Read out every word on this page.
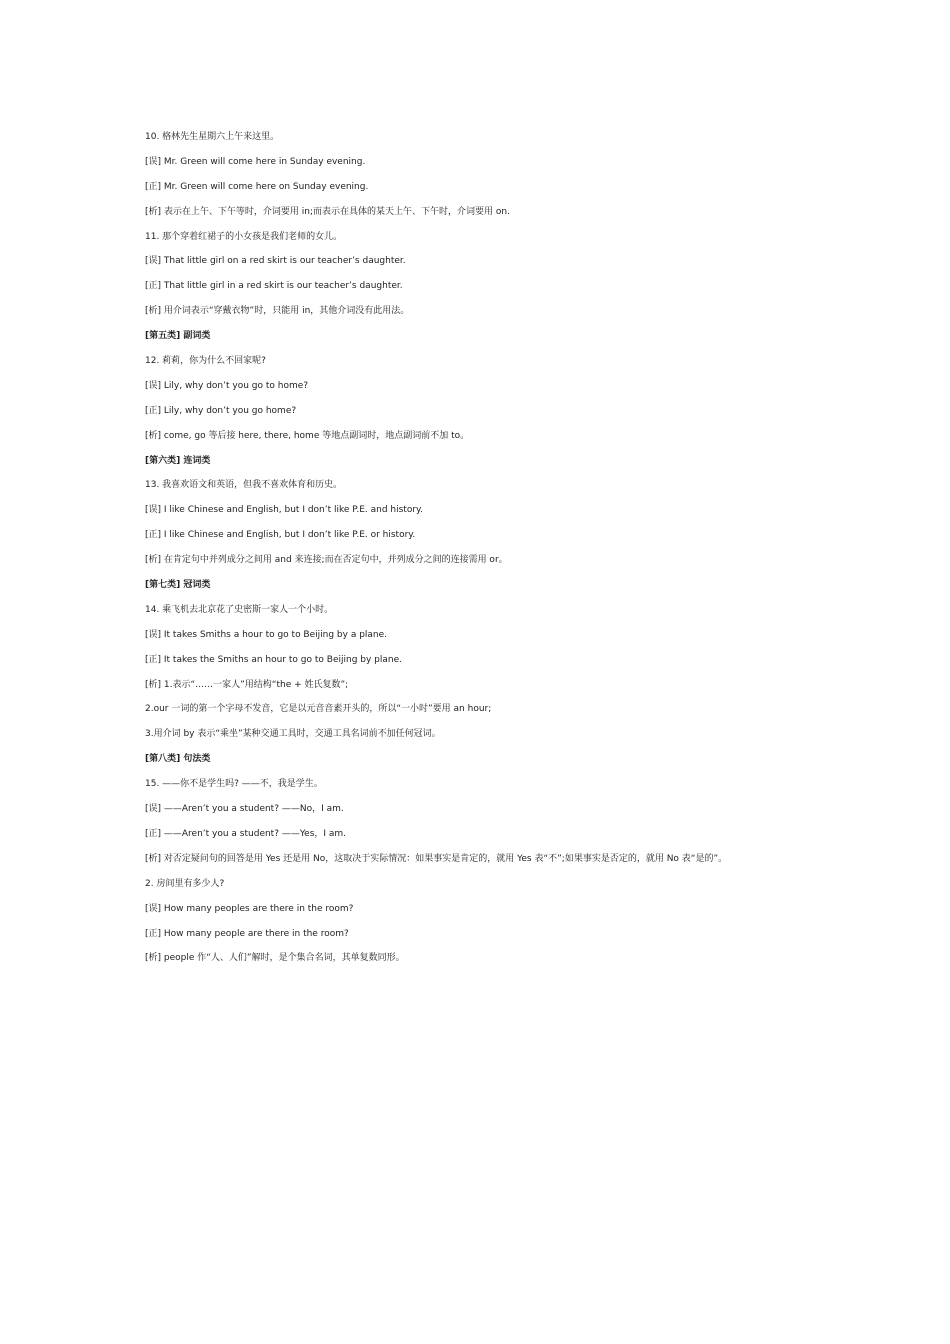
10. 格林先生星期六上午来这里。
[误] Mr. Green will come here in Sunday evening.
[正] Mr. Green will come here on Sunday evening.
[析] 表示在上午、下午等时，介词要用 in;而表示在具体的某天上午、下午时，介词要用 on.
11. 那个穿着红裙子的小女孩是我们老师的女儿。
[误] That little girl on a red skirt is our teacher’s daughter.
[正] That little girl in a red skirt is our teacher’s daughter.
[析] 用介词表示“穿戴衣物”时，只能用 in，其他介词没有此用法。
[第五类] 副词类
12. 莉莉，你为什么不回家呢?
[误] Lily, why don’t you go to home?
[正] Lily, why don’t you go home?
[析] come, go 等后接 here, there, home 等地点副词时，地点副词前不加 to。
[第六类] 连词类
13. 我喜欢语文和英语，但我不喜欢体育和历史。
[误] I like Chinese and English, but I don’t like P.E. and history.
[正] I like Chinese and English, but I don’t like P.E. or history.
[析] 在肯定句中并列成分之间用 and 来连接;而在否定句中，并列成分之间的连接需用 or。
[第七类] 冠词类
14. 乘飞机去北京花了史密斯一家人一个小时。
[误] It takes Smiths a hour to go to Beijing by a plane.
[正] It takes the Smiths an hour to go to Beijing by plane.
[析] 1.表示“……一家人”用结构“the + 姓氏复数”;
2.our 一词的第一个字母不发音，它是以元音音素开头的，所以“一小时”要用 an hour;
3.用介词 by 表示“乘坐”某种交通工具时，交通工具名词前不加任何冠词。
[第八类] 句法类
15. ——你不是学生吗? ——不，我是学生。
[误] ——Aren’t you a student? ——No，I am.
[正] ——Aren’t you a student? ——Yes，I am.
[析] 对否定疑问句的回答是用 Yes 还是用 No，这取决于实际情况：如果事实是肯定的，就用 Yes 表“不”;如果事实是否定的，就用 No 表“是的”。
2. 房间里有多少人?
[误] How many peoples are there in the room?
[正] How many people are there in the room?
[析] people 作“人、人们”解时，是个集合名词，其单复数同形。
